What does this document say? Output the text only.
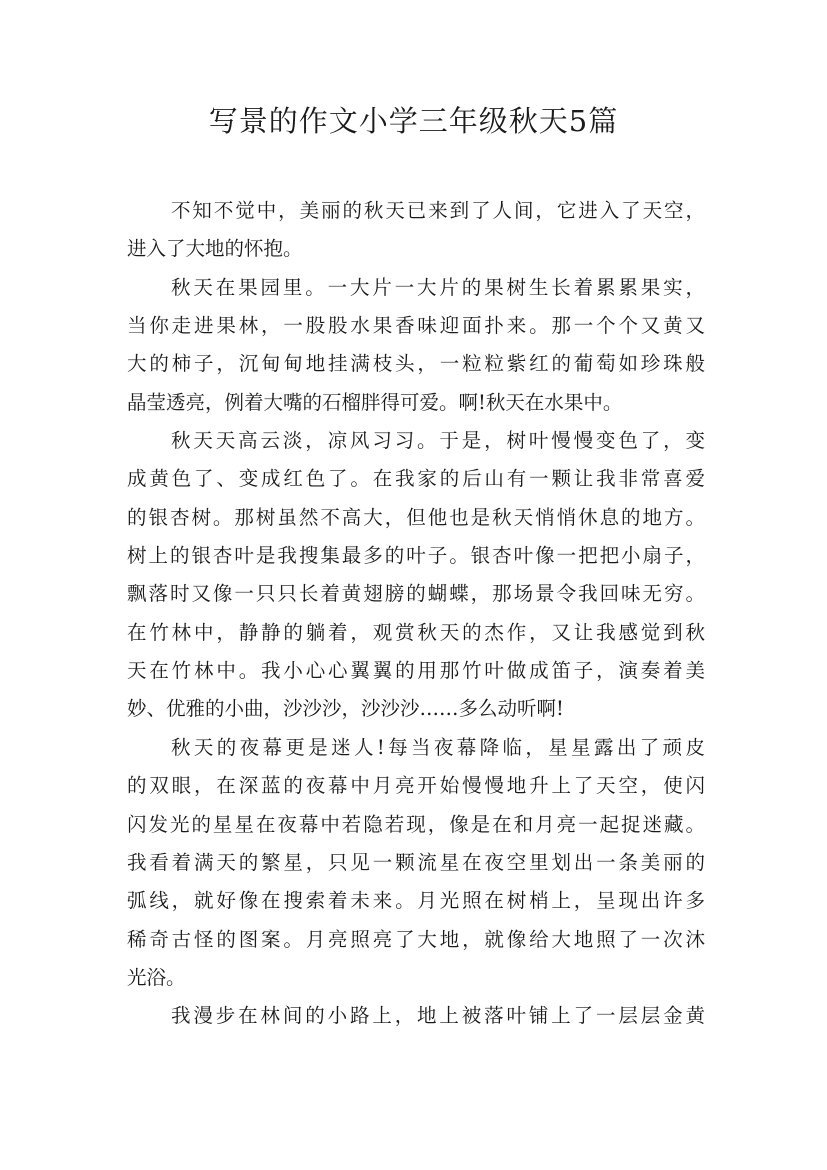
写景的作文小学三年级秋天5篇
不知不觉中，美丽的秋天已来到了人间，它进入了天空，
进入了大地的怀抱。
秋天在果园里。一大片一大片的果树生长着累累果实，
当你走进果林，一股股水果香味迎面扑来。那一个个又黄又
大的柿子，沉甸甸地挂满枝头，一粒粒紫红的葡萄如珍珠般
晶莹透亮，例着大嘴的石榴胖得可爱。啊!秋天在水果中。
秋天天高云淡，凉风习习。于是，树叶慢慢变色了，变
成黄色了、变成红色了。在我家的后山有一颗让我非常喜爱
的银杏树。那树虽然不高大，但他也是秋天悄悄休息的地方。
树上的银杏叶是我搜集最多的叶子。银杏叶像一把把小扇子，
飘落时又像一只只长着黄翅膀的蝴蝶，那场景令我回味无穷。
在竹林中，静静的躺着，观赏秋天的杰作，又让我感觉到秋
天在竹林中。我小心心翼翼的用那竹叶做成笛子，演奏着美
妙、优雅的小曲，沙沙沙，沙沙沙……多么动听啊!
秋天的夜幕更是迷人!每当夜幕降临，星星露出了顽皮
的双眼，在深蓝的夜幕中月亮开始慢慢地升上了天空，使闪
闪发光的星星在夜幕中若隐若现，像是在和月亮一起捉迷藏。
我看着满天的繁星，只见一颗流星在夜空里划出一条美丽的
弧线，就好像在搜索着未来。月光照在树梢上，呈现出许多
稀奇古怪的图案。月亮照亮了大地，就像给大地照了一次沐
光浴。
我漫步在林间的小路上，地上被落叶铺上了一层层金黄
